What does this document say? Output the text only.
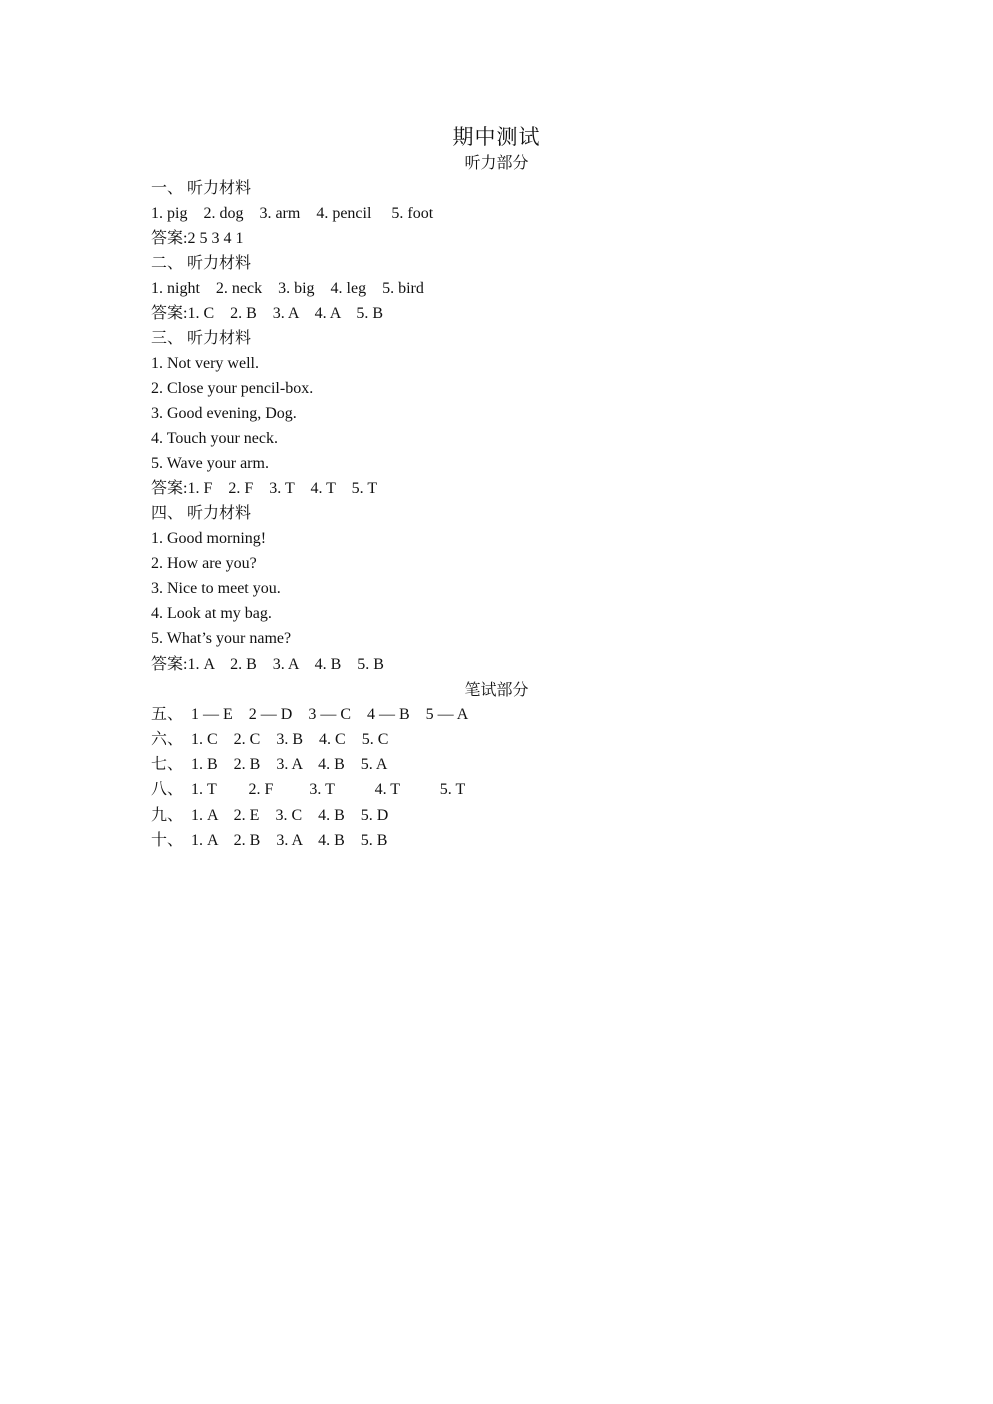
期中测试
听力部分
一、 听力材料
1. pig    2. dog    3. arm    4. pencil     5. foot
答案:2 5 3 4 1
二、 听力材料
1. night    2. neck    3. big    4. leg    5. bird
答案:1. C    2. B    3. A    4. A    5. B
三、 听力材料
1. Not very well.
2. Close your pencil-box.
3. Good evening, Dog.
4. Touch your neck.
5. Wave your arm.
答案:1. F    2. F    3. T    4. T    5. T
四、 听力材料
1. Good morning!
2. How are you?
3. Nice to meet you.
4. Look at my bag.
5. What’s your name?
答案:1. A    2. B    3. A    4. B    5. B
笔试部分
五、  1 — E    2 — D    3 — C    4 — B    5 — A
六、  1. C    2. C    3. B    4. C    5. C
七、  1. B    2. B    3. A    4. B    5. A
八、  1. T        2. F         3. T          4. T          5. T
九、  1. A    2. E    3. C    4. B    5. D
十、  1. A    2. B    3. A    4. B    5. B
